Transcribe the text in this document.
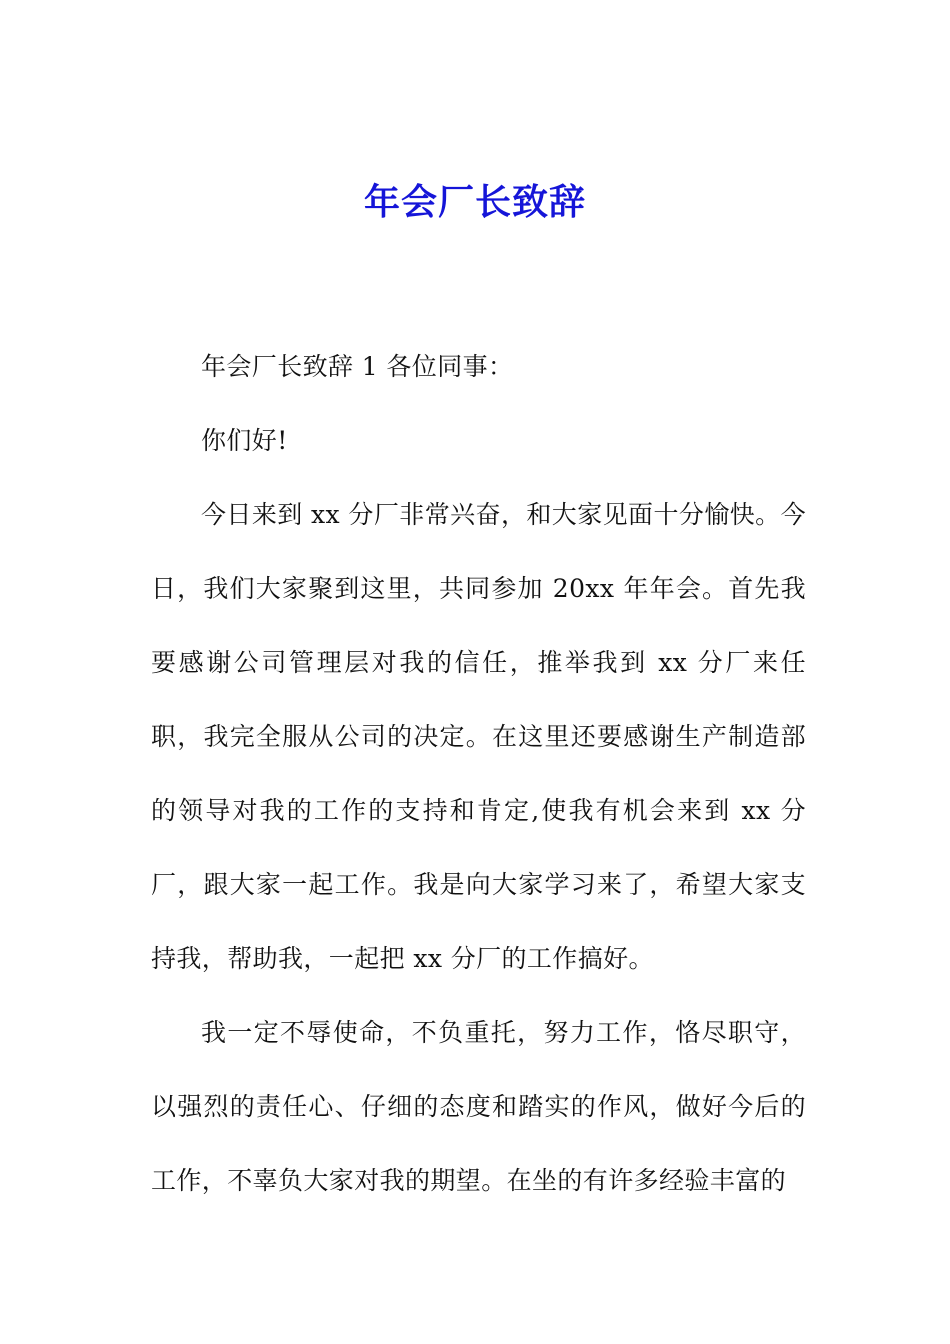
年会厂长致辞

年会厂长致辞 1 各位同事：

你们好!

今日来到 xx 分厂非常兴奋，和大家见面十分愉快。今日，我们大家聚到这里，共同参加 20xx 年年会。首先我要感谢公司管理层对我的信任，推举我到 xx 分厂来任职，我完全服从公司的决定。在这里还要感谢生产制造部的领导对我的工作的支持和肯定,使我有机会来到 xx 分厂，跟大家一起工作。我是向大家学习来了，希望大家支持我，帮助我，一起把 xx 分厂的工作搞好。

我一定不辱使命，不负重托，努力工作，恪尽职守，以强烈的责任心、仔细的态度和踏实的作风，做好今后的工作，不辜负大家对我的期望。在坐的有许多经验丰富的
